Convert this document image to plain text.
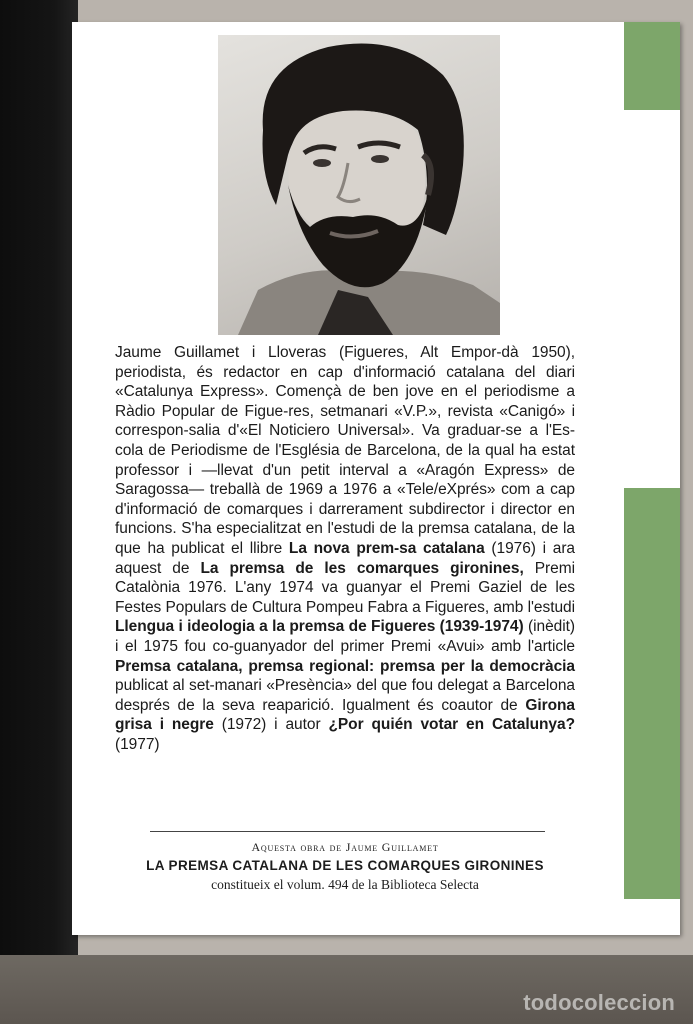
Jaume Guillamet i Lloveras (Figueres, Alt Empor-dà 1950), periodista, és redactor en cap d'informació catalana del diari «Catalunya Express». Començà de ben jove en el periodisme a Ràdio Popular de Figue-res, setmanari «V.P.», revista «Canigó» i correspon-salia d'«El Noticiero Universal». Va graduar-se a l'Es-cola de Periodisme de l'Església de Barcelona, de la qual ha estat professor i —llevat d'un petit interval a «Aragón Express» de Saragossa— treballà de 1969 a 1976 a «Tele/eXprés» com a cap d'informació de comarques i darrerament subdirector i director en funcions. S'ha especialitzat en l'estudi de la premsa catalana, de la que ha publicat el llibre La nova prem-sa catalana (1976) i ara aquest de La premsa de les comarques gironines, Premi Catalònia 1976. L'any 1974 va guanyar el Premi Gaziel de les Festes Populars de Cultura Pompeu Fabra a Figueres, amb l'estudi Llengua i ideologia a la premsa de Figueres (1939-1974) (inèdit) i el 1975 fou co-guanyador del primer Premi «Avui» amb l'article Premsa catalana, premsa regional: premsa per la democràcia publicat al set-manari «Presència» del que fou delegat a Barcelona després de la seva reaparició. Igualment és coautor de Girona grisa i negre (1972) i autor ¿Por quién votar en Catalunya? (1977)

Aquesta obra de Jaume Guillamet
LA PREMSA CATALANA DE LES COMARQUES GIRONINES
constitueix el volum. 494 de la Biblioteca Selecta
todocoleccion
